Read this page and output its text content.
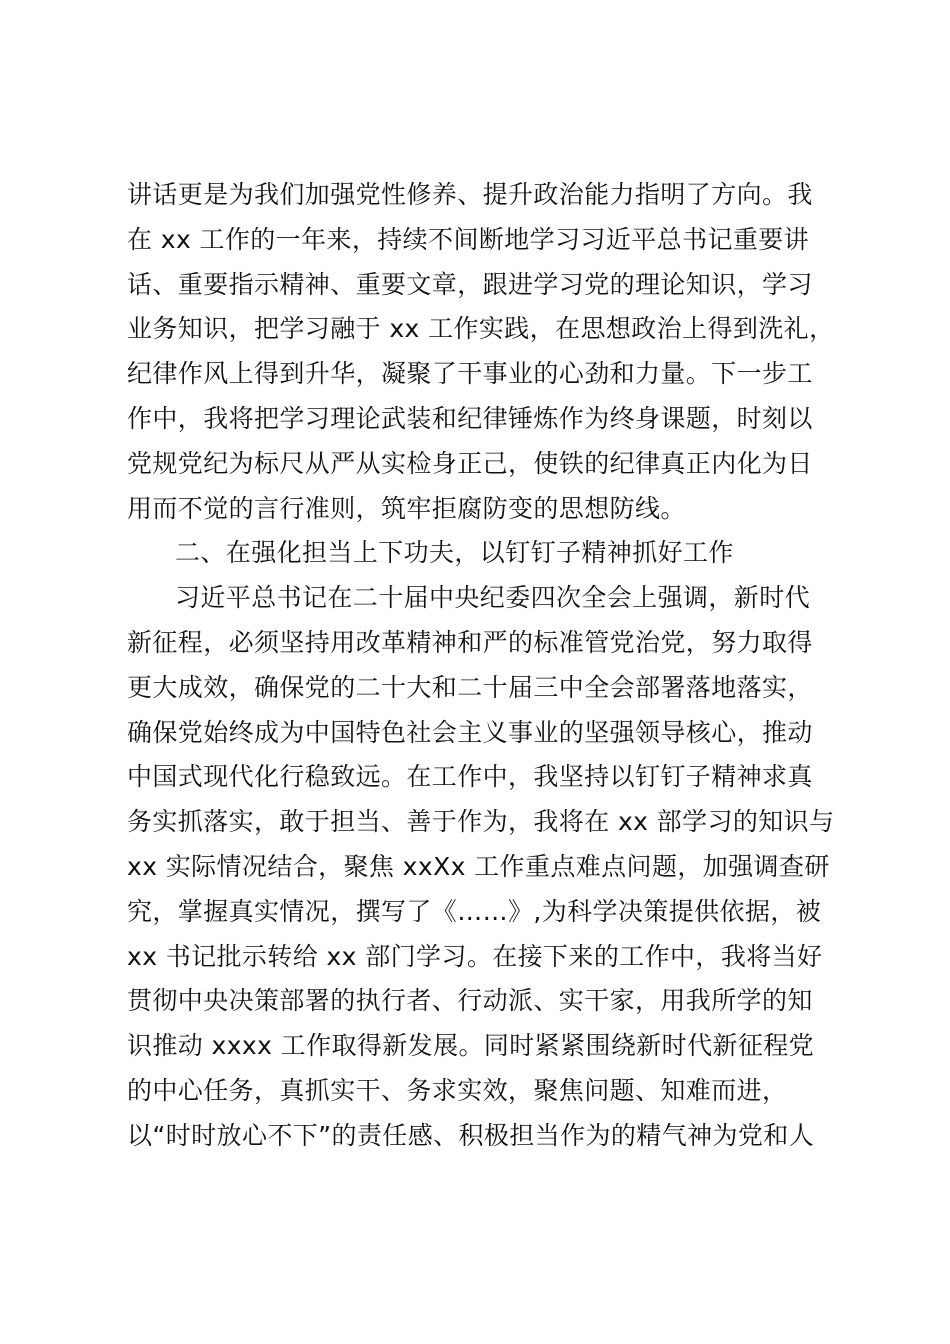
讲话更是为我们加强党性修养、提升政治能力指明了方向。我
在 xx 工作的一年来，持续不间断地学习习近平总书记重要讲
话、重要指示精神、重要文章，跟进学习党的理论知识，学习
业务知识，把学习融于 xx 工作实践，在思想政治上得到洗礼，
纪律作风上得到升华，凝聚了干事业的心劲和力量。下一步工
作中，我将把学习理论武装和纪律锤炼作为终身课题，时刻以
党规党纪为标尺从严从实检身正己，使铁的纪律真正内化为日
用而不觉的言行准则，筑牢拒腐防变的思想防线。
二、在强化担当上下功夫，以钉钉子精神抓好工作
习近平总书记在二十届中央纪委四次全会上强调，新时代
新征程，必须坚持用改革精神和严的标准管党治党，努力取得
更大成效，确保党的二十大和二十届三中全会部署落地落实，
确保党始终成为中国特色社会主义事业的坚强领导核心，推动
中国式现代化行稳致远。在工作中，我坚持以钉钉子精神求真
务实抓落实，敢于担当、善于作为，我将在 xx 部学习的知识与
xx 实际情况结合，聚焦 xxXx 工作重点难点问题，加强调查研
究，掌握真实情况，撰写了《……》,为科学决策提供依据，被
xx 书记批示转给 xx 部门学习。在接下来的工作中，我将当好
贯彻中央决策部署的执行者、行动派、实干家，用我所学的知
识推动 xxxx 工作取得新发展。同时紧紧围绕新时代新征程党
的中心任务，真抓实干、务求实效，聚焦问题、知难而进，
以“时时放心不下”的责任感、积极担当作为的精气神为党和人
